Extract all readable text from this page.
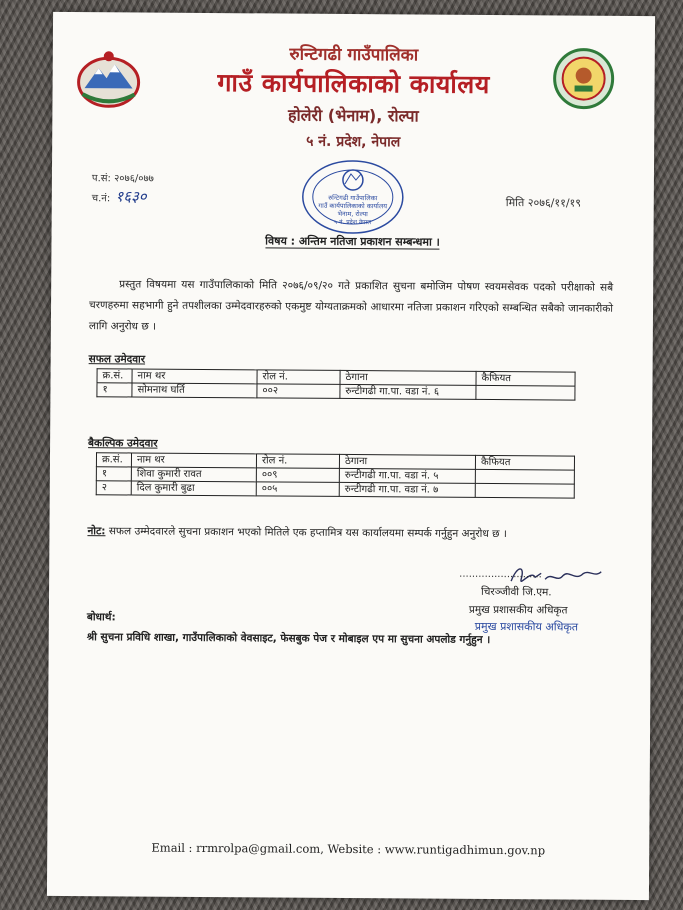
रुन्टिगढी गाउँपालिका
गाउँ कार्यपालिकाको कार्यालय
होलेरी (भेनाम), रोल्पा
५ नं. प्रदेश, नेपाल
प.सं: २०७६/०७७
च.नं: १६३०	रुन्टिगढी गाउँपालिका
गाउँ कार्यपालिकाको कार्यालय
भेनाम, रोल्पा
५ नं. प्रदेश नेपाल
मिति २०७६/११/१९
विषय : अन्तिम नतिजा प्रकाशन सम्बन्धमा ।
प्रस्तुत विषयमा यस गाउँपालिकाको मिति २०७६/०९/२० गते प्रकाशित सुचना बमोजिम पोषण स्वयमसेवक पदको परीक्षाको सबै चरणहरुमा सहभागी हुने तपशीलका उम्मेदवारहरुको एकमुष्ट योग्यताक्रमको आधारमा नतिजा प्रकाशन गरिएको सम्बन्धित सबैको जानकारीको लागि अनुरोध छ ।
सफल उमेदवार
क्र.सं.	नाम थर	रोल नं.	ठेगाना	कैफियत
१	सोमनाथ घर्ति	००२	रुन्टीगढी गा.पा. वडा नं. ६	
बैकल्पिक उमेदवार
क्र.सं.	नाम थर	रोल नं.	ठेगाना	कैफियत
१	शिवा कुमारी रावत	००९	रुन्टीगढी गा.पा. वडा नं. ५	
२	दिल कुमारी बुढा	००५	रुन्टीगढी गा.पा. वडा नं. ७	
नोट: सफल उम्मेदवारले सुचना प्रकाशन भएको मितिले एक हप्तामित्र यस कार्यालयमा सम्पर्क गर्नुहुन अनुरोध छ ।
..........................
चिरञ्जीवी जि.एम.
प्रमुख प्रशासकीय अधिकृत
प्रमुख प्रशासकीय अधिकृत
बोधार्थ:
श्री सुचना प्रविधि शाखा, गाउँपालिकाको वेवसाइट, फेसबुक पेज र मोबाइल एप मा सुचना अपलोड गर्नुहुन ।
Email : rrmrolpa@gmail.com, Website : www.runtigadhimun.gov.np
